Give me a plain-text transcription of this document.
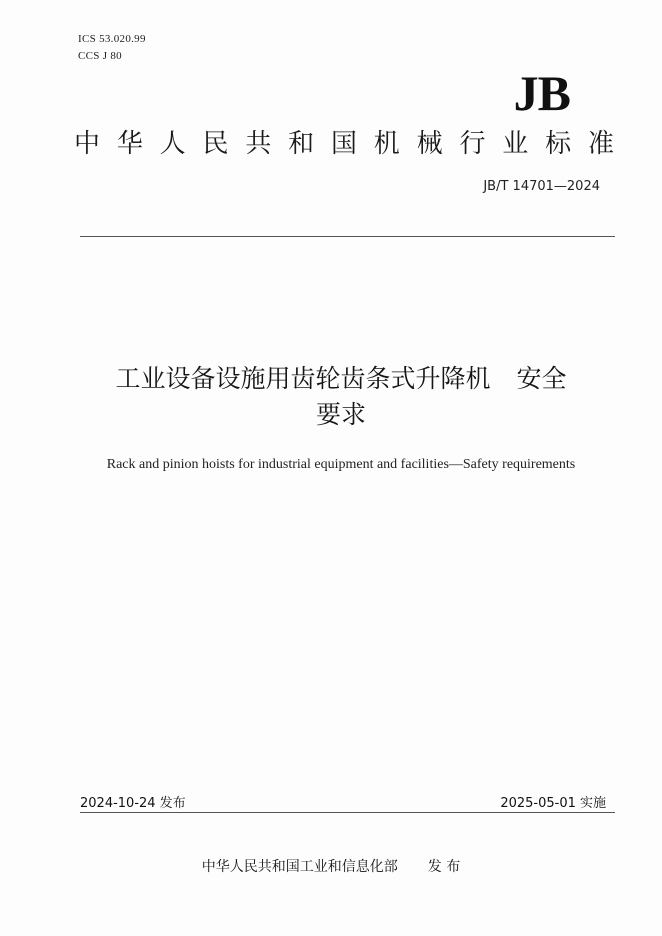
ICS 53.020.99
CCS J 80
JB
中 华 人 民 共 和 国 机 械 行 业 标 准
JB/T 14701—2024
工业设备设施用齿轮齿条式升降机 安全
要求
Rack and pinion hoists for industrial equipment and facilities—Safety requirements
2024-10-24 发布	2025-05-01 实施
中华人民共和国工业和信息化部 发 布
